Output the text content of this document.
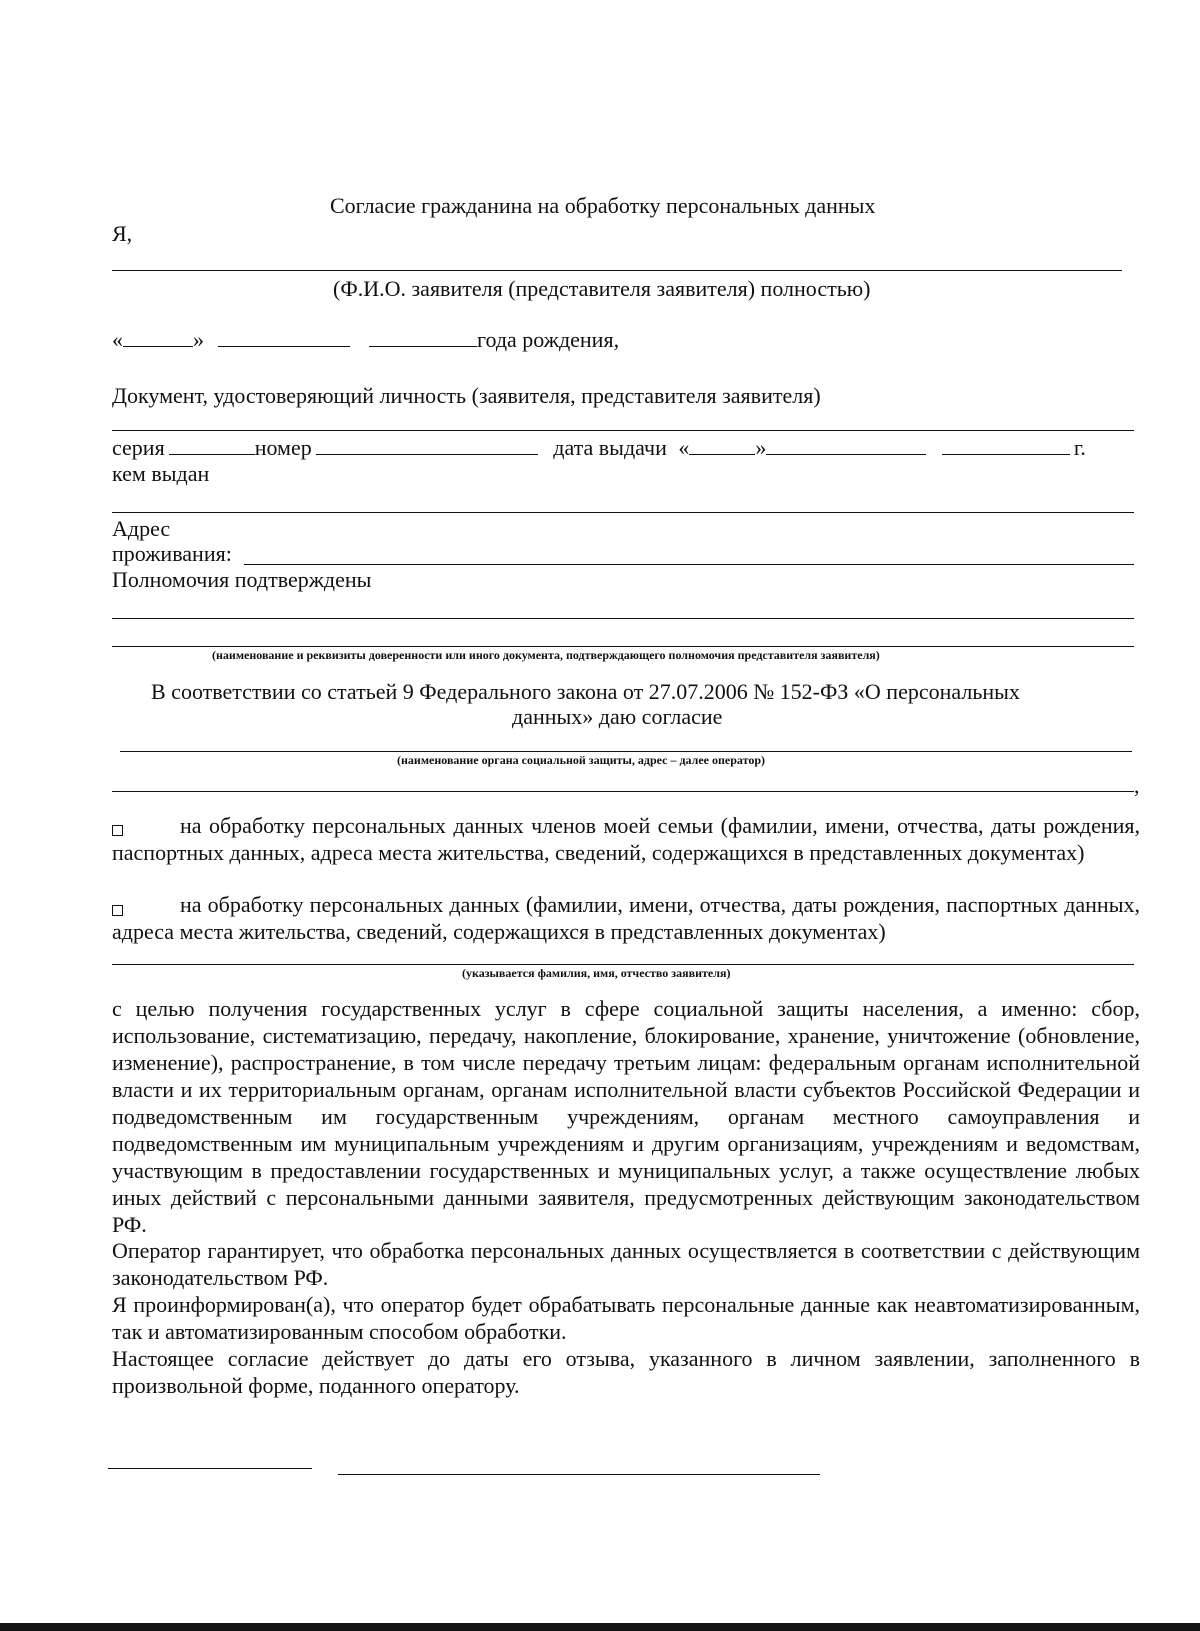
Согласие гражданина на обработку персональных данных
Я,
(Ф.И.О. заявителя (представителя заявителя) полностью)
«	»	года рождения,
Документ, удостоверяющий личность (заявителя, представителя заявителя)
серия	номер	дата выдачи «	»	г.
кем выдан
Адрес
проживания:
Полномочия подтверждены
(наименование и реквизиты доверенности или иного документа, подтверждающего полномочия представителя заявителя)
В соответствии со статьей 9 Федерального закона от 27.07.2006 № 152-ФЗ «О персональных
данных» даю согласие
(наименование органа социальной защиты, адрес – далее оператор)
,
на обработку персональных данных членов моей семьи (фамилии, имени, отчества, даты рождения, паспортных данных, адреса места жительства, сведений, содержащихся в представленных документах)
на обработку персональных данных (фамилии, имени, отчества, даты рождения, паспортных данных, адреса места жительства, сведений, содержащихся в представленных документах)
(указывается фамилия, имя, отчество заявителя)
с целью получения государственных услуг в сфере социальной защиты населения, а именно: сбор, использование, систематизацию, передачу, накопление, блокирование, хранение, уничтожение (обновление, изменение), распространение, в том числе передачу третьим лицам: федеральным органам исполнительной власти и их территориальным органам, органам исполнительной власти субъектов Российской Федерации и подведомственным им государственным учреждениям, органам местного самоуправления и подведомственным им муниципальным учреждениям и другим организациям, учреждениям и ведомствам, участвующим в предоставлении государственных и муниципальных услуг, а также осуществление любых иных действий с персональными данными заявителя, предусмотренных действующим законодательством РФ.
Оператор гарантирует, что обработка персональных данных осуществляется в соответствии с действующим законодательством РФ.
Я проинформирован(а), что оператор будет обрабатывать персональные данные как неавтоматизированным, так и автоматизированным способом обработки.
Настоящее согласие действует до даты его отзыва, указанного в личном заявлении, заполненного в произвольной форме, поданного оператору.
